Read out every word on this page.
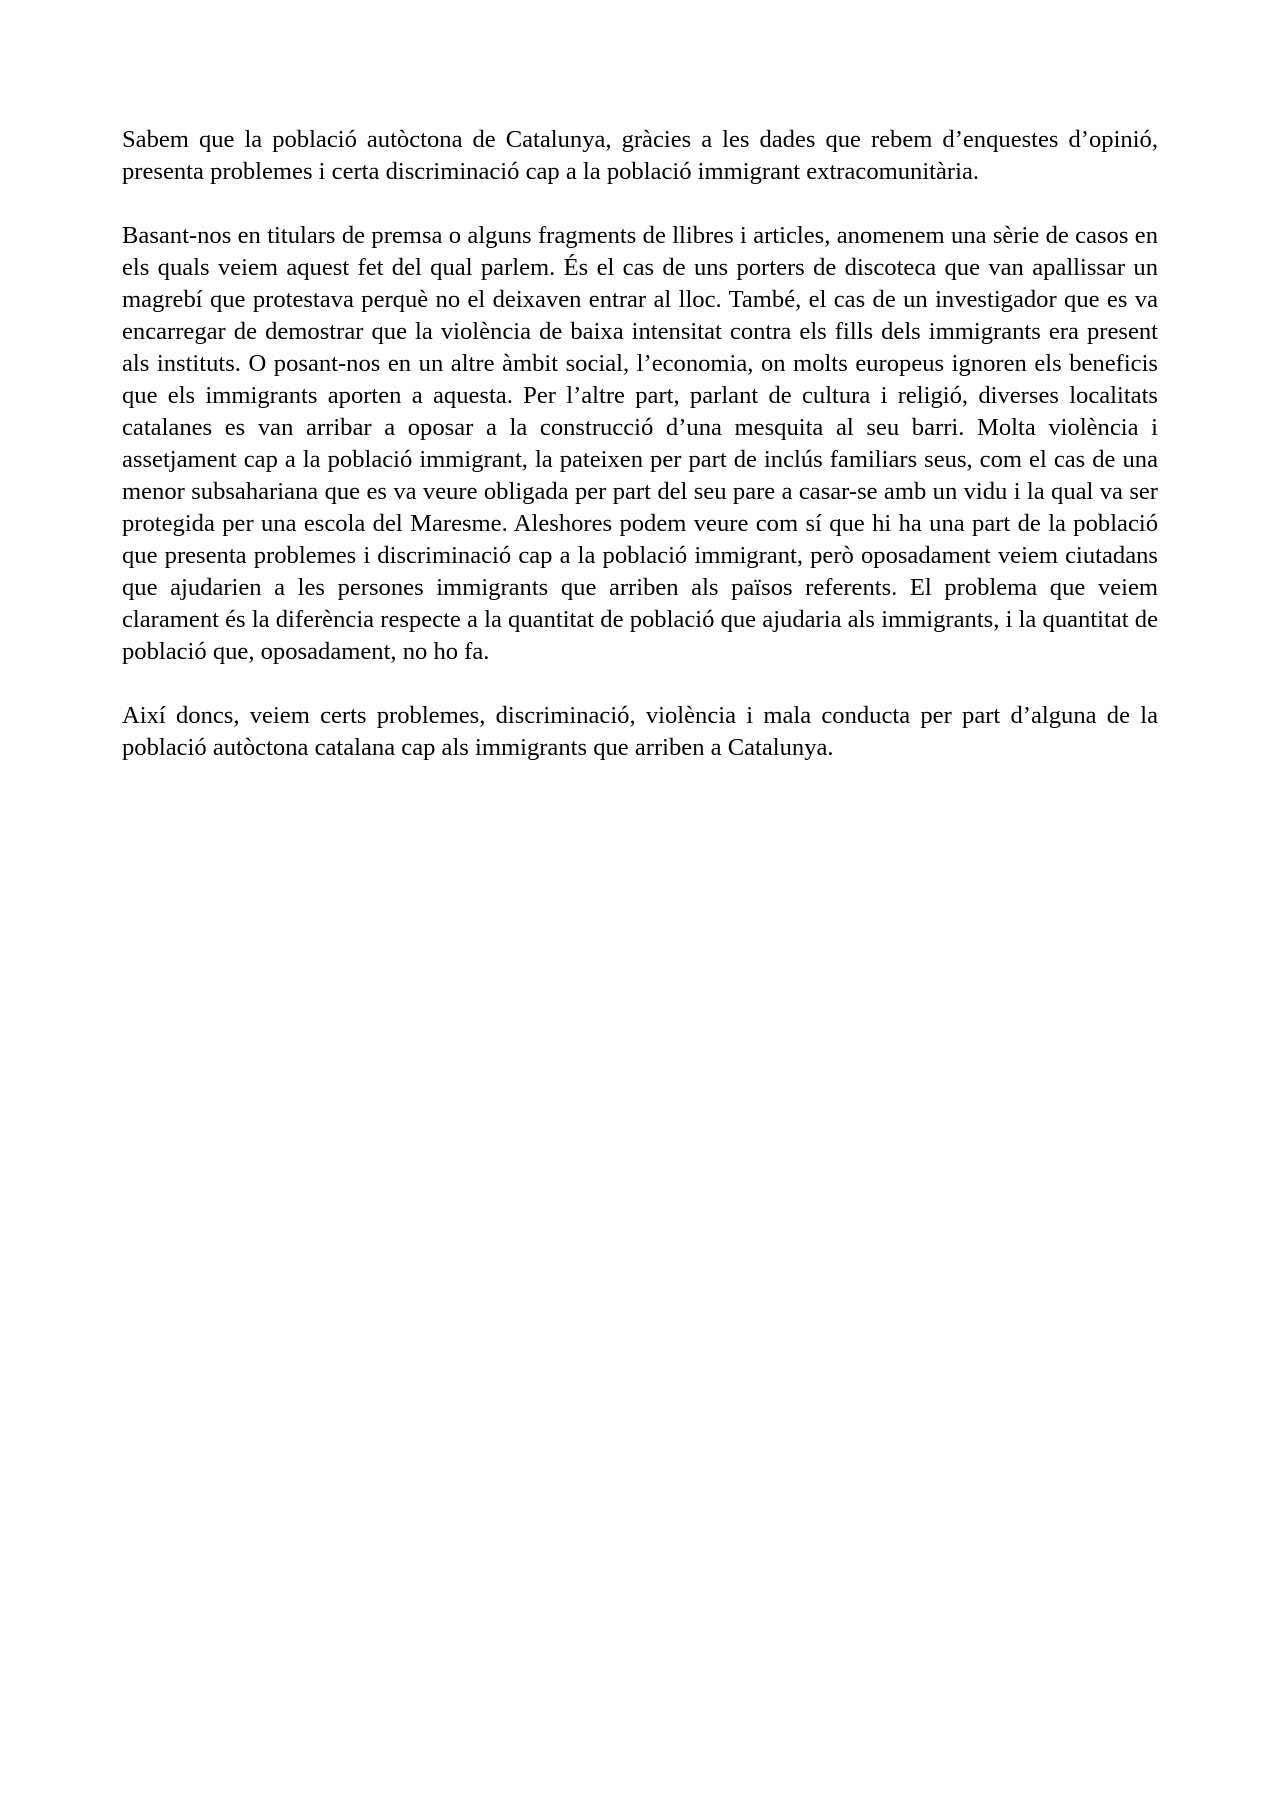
Sabem que la població autòctona de Catalunya, gràcies a les dades que rebem d’enquestes d’opinió, presenta problemes i certa discriminació cap a la població immigrant extracomunitària.

Basant-nos en titulars de premsa o alguns fragments de llibres i articles, anomenem una sèrie de casos en els quals veiem aquest fet del qual parlem. És el cas de uns porters de discoteca que van apallissar un magrebí que protestava perquè no el deixaven entrar al lloc. També, el cas de un investigador que es va encarregar de demostrar que la violència de baixa intensitat contra els fills dels immigrants era present als instituts. O posant-nos en un altre àmbit social, l’economia, on molts europeus ignoren els beneficis que els immigrants aporten a aquesta. Per l’altre part, parlant de cultura i religió, diverses localitats catalanes es van arribar a oposar a la construcció d’una mesquita al seu barri. Molta violència i assetjament cap a la població immigrant, la pateixen per part de inclús familiars seus, com el cas de una menor subsahariana que es va veure obligada per part del seu pare a casar-se amb un vidu i la qual va ser protegida per una escola del Maresme. Aleshores podem veure com sí que hi ha una part de la població que presenta problemes i discriminació cap a la població immigrant, però oposadament veiem ciutadans que ajudarien a les persones immigrants que arriben als països referents. El problema que veiem clarament és la diferència respecte a la quantitat de població que ajudaria als immigrants, i la quantitat de població que, oposadament, no ho fa.

Així doncs, veiem certs problemes, discriminació, violència i mala conducta per part d’alguna de la població autòctona catalana cap als immigrants que arriben a Catalunya.
